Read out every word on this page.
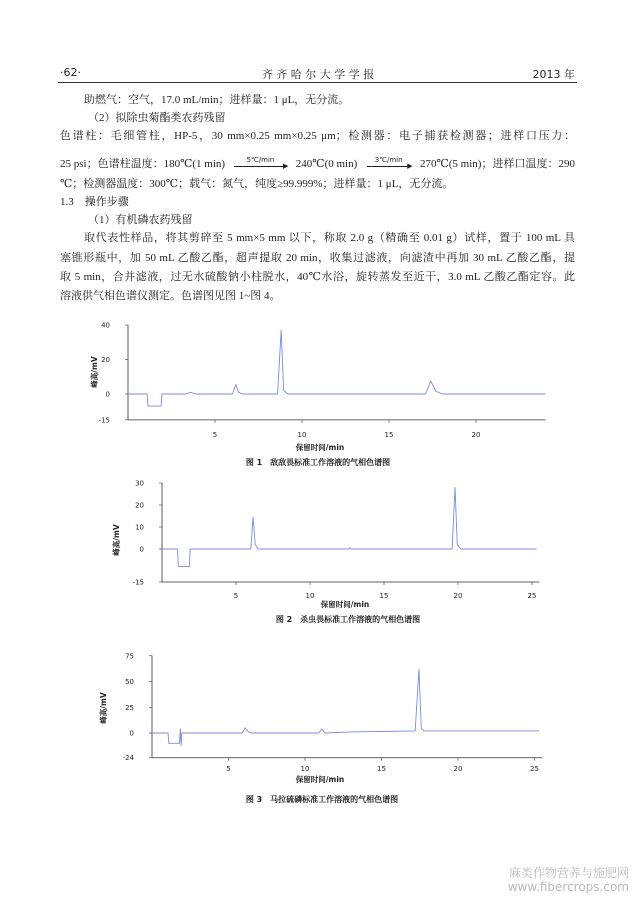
·62·	齐 齐 哈 尔 大 学 学 报	2013 年
助燃气：空气，17.0 mL/min；进样量：1 μL，无分流。
（2）拟除虫菊酯类农药残留
色谱柱：毛细管柱，HP-5，30 mm×0.25 mm×0.25 μm；检测器：电子捕获检测器；进样口压力：
25 psi；色谱柱温度：180℃(1 min)	5℃/min
▶ 240℃(0 min) 3℃/min
▶ 270℃(5 min)；进样口温度：290
℃；检测器温度：300℃；载气：氮气，纯度≥99.999%；进样量：1 μL，无分流。
1.3　操作步骤
（1）有机磷农药残留
取代表性样品，将其剪碎至 5 mm×5 mm 以下，称取 2.0 g（精确至 0.01 g）试样，置于 100 mL 具
塞锥形瓶中，加 50 mL 乙酸乙酯，超声提取 20 min，收集过滤液，向滤渣中再加 30 mL 乙酸乙酯，提
取 5 min，合并滤液，过无水硫酸钠小柱脱水，40℃水浴，旋转蒸发至近干，3.0 mL 乙酸乙酯定容。此
溶液供气相色谱仪测定。色谱图见图 1~图 4。
-15
0
20
40
5	10	15	20
保留时间/min
峰高/mV
图 1　敌敌畏标准工作溶液的气相色谱图
-15
0
10
20
30
5	10	15	20	25
保留时间/min
峰高/mV
图 2　杀虫畏标准工作溶液的气相色谱图
-24
0
25
50
75
5	10	15	20	25
保留时间/min
峰高/mV
图 3　马拉硫磷标准工作溶液的气相色谱图
麻类作物营养与施肥网
www.fibercrops.com
